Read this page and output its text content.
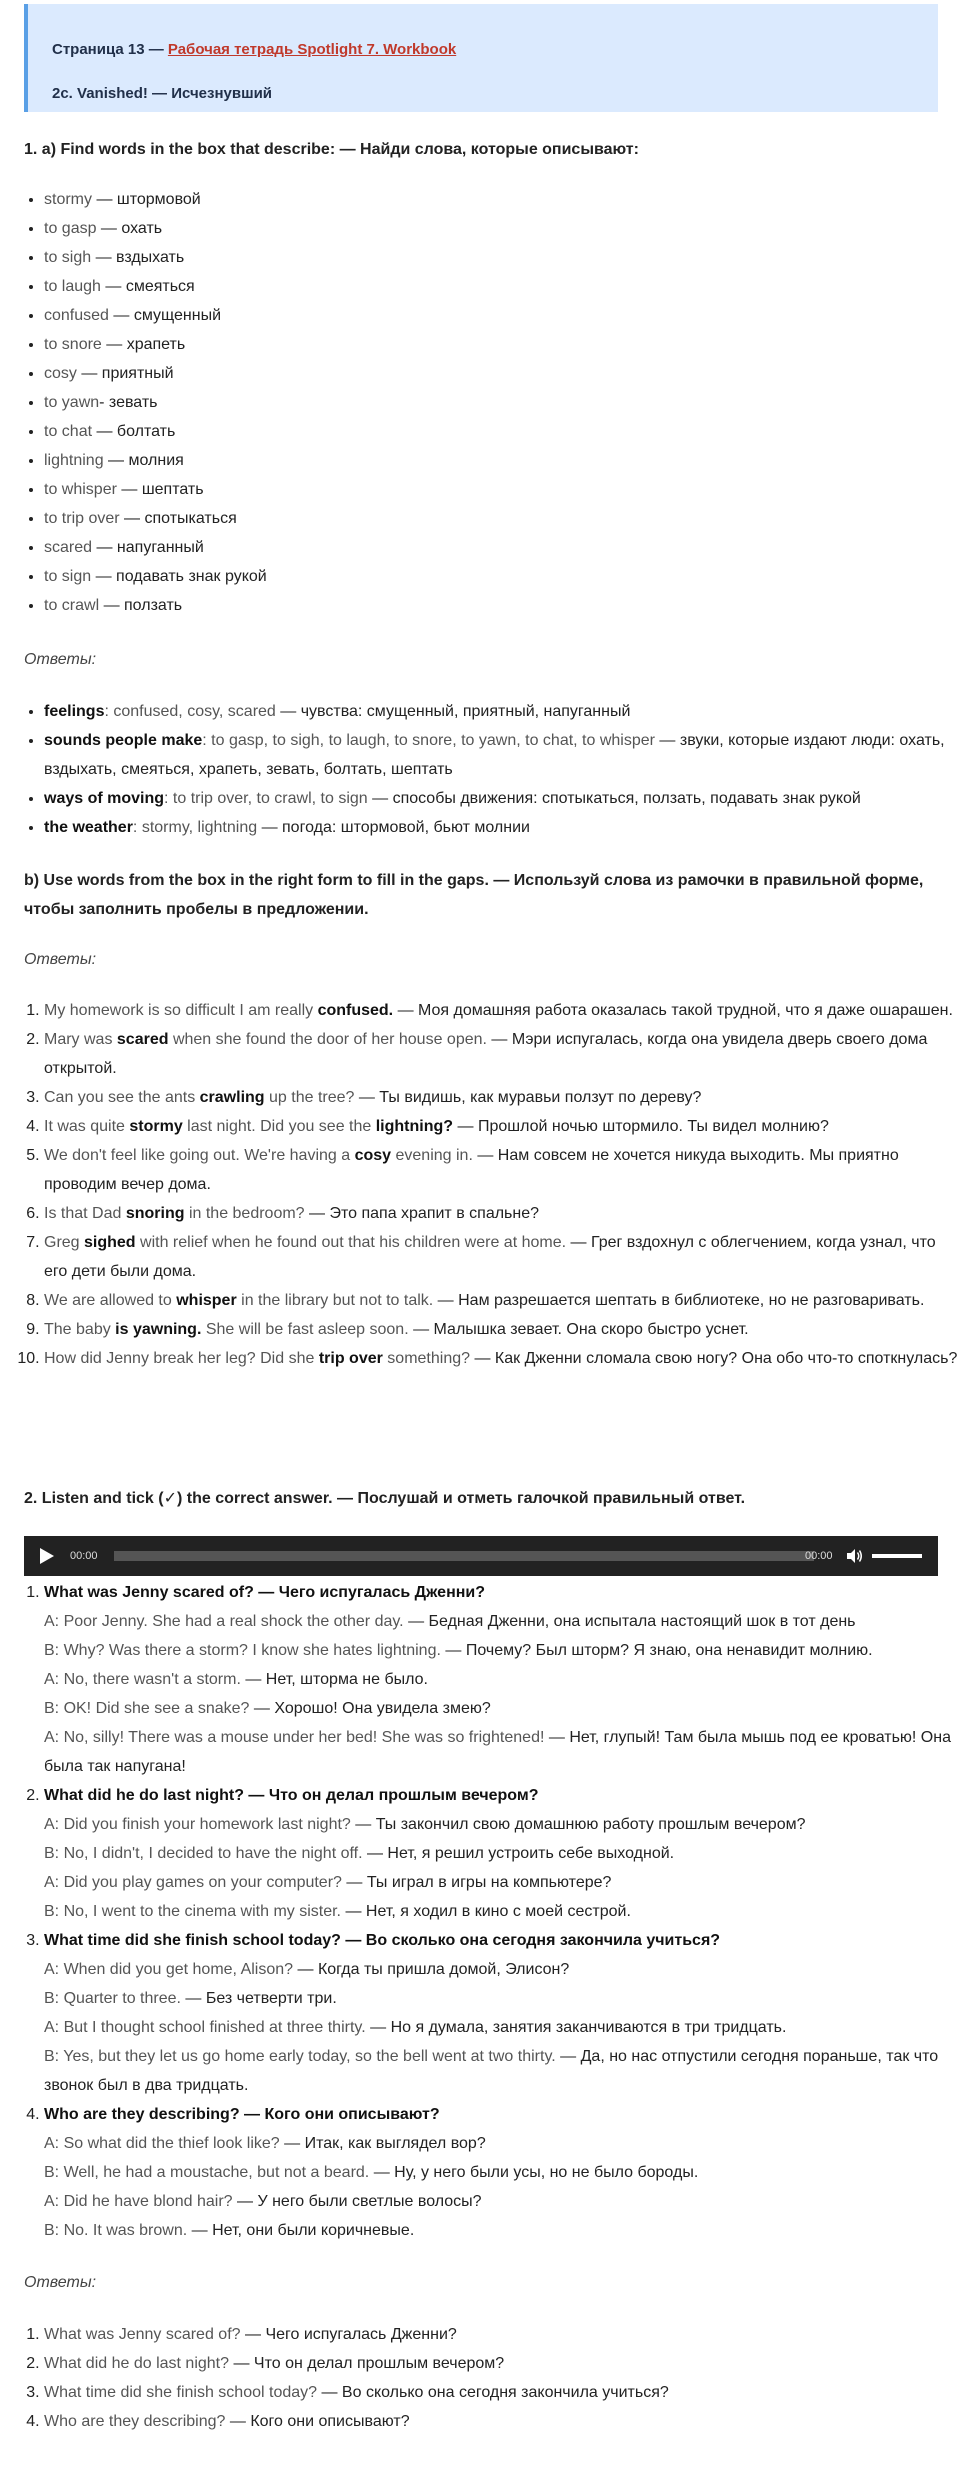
Страница 13 — Рабочая тетрадь Spotlight 7. Workbook
2c. Vanished! — Исчезнувший
1. a) Find words in the box that describe: — Найди слова, которые описывают:
• stormy — штормовой
• to gasp — охать
• to sigh — вздыхать
• to laugh — смеяться
• confused — смущенный
• to snore — храпеть
• cosy — приятный
• to yawn- зевать
• to chat — болтать
• lightning — молния
• to whisper — шептать
• to trip over — спотыкаться
• scared — напуганный
• to sign — подавать знак рукой
• to crawl — ползать
Ответы:
• feelings: confused, cosy, scared — чувства: смущенный, приятный, напуганный
• sounds people make: to gasp, to sigh, to laugh, to snore, to yawn, to chat, to whisper — звуки, которые издают люди: охать, вздыхать, смеяться, храпеть, зевать, болтать, шептать
• ways of moving: to trip over, to crawl, to sign — способы движения: спотыкаться, ползать, подавать знак рукой
• the weather: stormy, lightning — погода: штормовой, бьют молнии
b) Use words from the box in the right form to fill in the gaps. — Используй слова из рамочки в правильной форме, чтобы заполнить пробелы в предложении.
Ответы:
1. My homework is so difficult I am really confused. — Моя домашняя работа оказалась такой трудной, что я даже ошарашен.
2. Mary was scared when she found the door of her house open. — Мэри испугалась, когда она увидела дверь своего дома открытой.
3. Can you see the ants crawling up the tree? — Ты видишь, как муравьи ползут по дереву?
4. It was quite stormy last night. Did you see the lightning? — Прошлой ночью штормило. Ты видел молнию?
5. We don't feel like going out. We're having a cosy evening in. — Нам совсем не хочется никуда выходить. Мы приятно проводим вечер дома.
6. Is that Dad snoring in the bedroom? — Это папа храпит в спальне?
7. Greg sighed with relief when he found out that his children were at home. — Грег вздохнул с облегчением, когда узнал, что его дети были дома.
8. We are allowed to whisper in the library but not to talk. — Нам разрешается шептать в библиотеке, но не разговаривать.
9. The baby is yawning. She will be fast asleep soon. — Малышка зевает. Она скоро быстро уснет.
10. How did Jenny break her leg? Did she trip over something? — Как Дженни сломала свою ногу? Она обо что-то споткнулась?
2. Listen and tick (✓) the correct answer. — Послушай и отметь галочкой правильный ответ.
00:00	00:00
1. What was Jenny scared of? — Чего испугалась Дженни?
A: Poor Jenny. She had a real shock the other day. — Бедная Дженни, она испытала настоящий шок в тот день
B: Why? Was there a storm? I know she hates lightning. — Почему? Был шторм? Я знаю, она ненавидит молнию.
A: No, there wasn't a storm. — Нет, шторма не было.
B: OK! Did she see a snake? — Хорошо! Она увидела змею?
A: No, silly! There was a mouse under her bed! She was so frightened! — Нет, глупый! Там была мышь под ее кроватью! Она была так напугана!
2. What did he do last night? — Что он делал прошлым вечером?
A: Did you finish your homework last night? — Ты закончил свою домашнюю работу прошлым вечером?
B: No, I didn't, I decided to have the night off. — Нет, я решил устроить себе выходной.
A: Did you play games on your computer? — Ты играл в игры на компьютере?
B: No, I went to the cinema with my sister. — Нет, я ходил в кино с моей сестрой.
3. What time did she finish school today? — Во сколько она сегодня закончила учиться?
A: When did you get home, Alison? — Когда ты пришла домой, Элисон?
B: Quarter to three. — Без четверти три.
A: But I thought school finished at three thirty. — Но я думала, занятия заканчиваются в три тридцать.
B: Yes, but they let us go home early today, so the bell went at two thirty. — Да, но нас отпустили сегодня пораньше, так что звонок был в два тридцать.
4. Who are they describing? — Кого они описывают?
A: So what did the thief look like? — Итак, как выглядел вор?
B: Well, he had a moustache, but not a beard. — Ну, у него были усы, но не было бороды.
A: Did he have blond hair? — У него были светлые волосы?
B: No. It was brown. — Нет, они были коричневые.
Ответы:
1. What was Jenny scared of? — Чего испугалась Дженни?
2. What did he do last night? — Что он делал прошлым вечером?
3. What time did she finish school today? — Во сколько она сегодня закончила учиться?
4. Who are they describing? — Кого они описывают?
